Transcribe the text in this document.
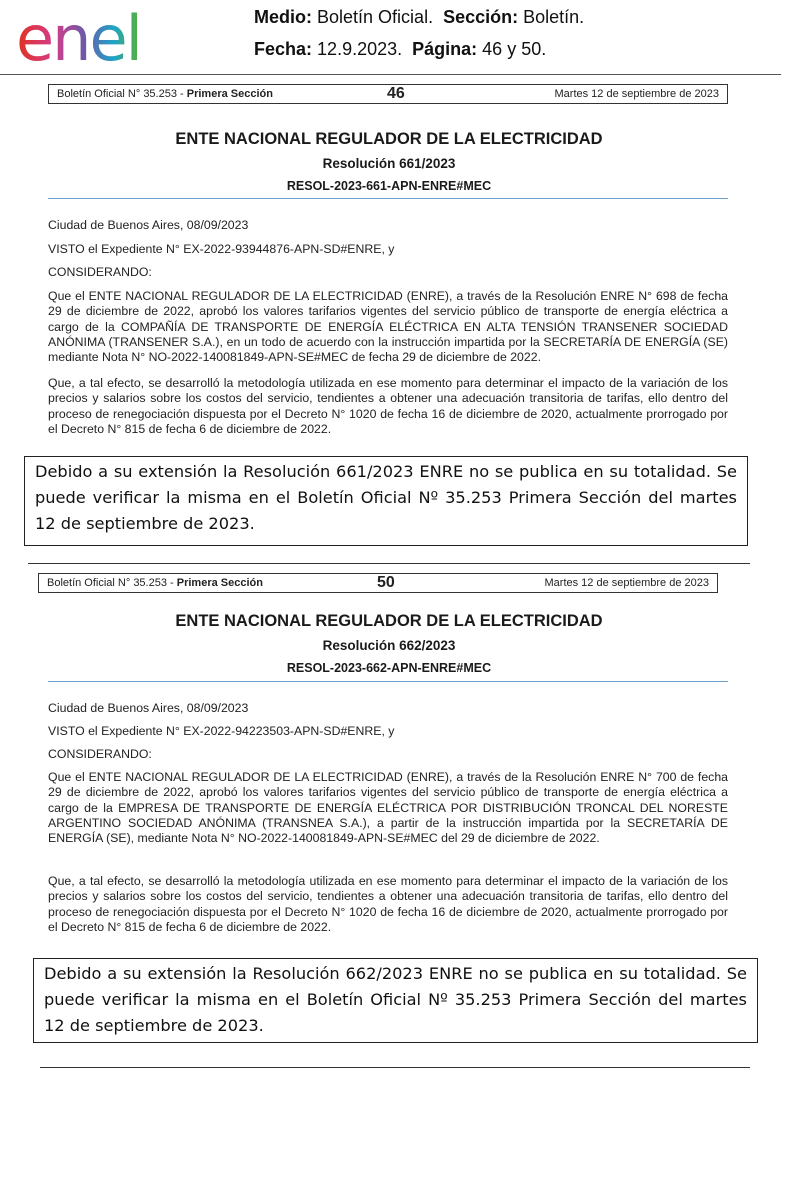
enel	Medio: Boletín Oficial. Sección: Boletín.
Fecha: 12.9.2023. Página: 46 y 50.
Boletín Oficial N° 35.253 - Primera Sección	46	Martes 12 de septiembre de 2023
ENTE NACIONAL REGULADOR DE LA ELECTRICIDAD
Resolución 661/2023
RESOL-2023-661-APN-ENRE#MEC
Ciudad de Buenos Aires, 08/09/2023
VISTO el Expediente N° EX-2022-93944876-APN-SD#ENRE, y
CONSIDERANDO:
Que el ENTE NACIONAL REGULADOR DE LA ELECTRICIDAD (ENRE), a través de la Resolución ENRE N° 698 de fecha 29 de diciembre de 2022, aprobó los valores tarifarios vigentes del servicio público de transporte de energía eléctrica a cargo de la COMPAÑÍA DE TRANSPORTE DE ENERGÍA ELÉCTRICA EN ALTA TENSIÓN TRANSENER SOCIEDAD ANÓNIMA (TRANSENER S.A.), en un todo de acuerdo con la instrucción impartida por la SECRETARÍA DE ENERGÍA (SE) mediante Nota N° NO-2022-140081849-APN-SE#MEC de fecha 29 de diciembre de 2022.
Que, a tal efecto, se desarrolló la metodología utilizada en ese momento para determinar el impacto de la variación de los precios y salarios sobre los costos del servicio, tendientes a obtener una adecuación transitoria de tarifas, ello dentro del proceso de renegociación dispuesta por el Decreto N° 1020 de fecha 16 de diciembre de 2020, actualmente prorrogado por el Decreto N° 815 de fecha 6 de diciembre de 2022.
Debido a su extensión la Resolución 661/2023 ENRE no se publica en su totalidad. Se puede verificar la misma en el Boletín Oficial Nº 35.253 Primera Sección del martes 12 de septiembre de 2023.
Boletín Oficial N° 35.253 - Primera Sección	50	Martes 12 de septiembre de 2023
ENTE NACIONAL REGULADOR DE LA ELECTRICIDAD
Resolución 662/2023
RESOL-2023-662-APN-ENRE#MEC
Ciudad de Buenos Aires, 08/09/2023
VISTO el Expediente N° EX-2022-94223503-APN-SD#ENRE, y
CONSIDERANDO:
Que el ENTE NACIONAL REGULADOR DE LA ELECTRICIDAD (ENRE), a través de la Resolución ENRE N° 700 de fecha 29 de diciembre de 2022, aprobó los valores tarifarios vigentes del servicio público de transporte de energía eléctrica a cargo de la EMPRESA DE TRANSPORTE DE ENERGÍA ELÉCTRICA POR DISTRIBUCIÓN TRONCAL DEL NORESTE ARGENTINO SOCIEDAD ANÓNIMA (TRANSNEA S.A.), a partir de la instrucción impartida por la SECRETARÍA DE ENERGÍA (SE), mediante Nota N° NO-2022-140081849-APN-SE#MEC del 29 de diciembre de 2022.
Que, a tal efecto, se desarrolló la metodología utilizada en ese momento para determinar el impacto de la variación de los precios y salarios sobre los costos del servicio, tendientes a obtener una adecuación transitoria de tarifas, ello dentro del proceso de renegociación dispuesta por el Decreto N° 1020 de fecha 16 de diciembre de 2020, actualmente prorrogado por el Decreto N° 815 de fecha 6 de diciembre de 2022.
Debido a su extensión la Resolución 662/2023 ENRE no se publica en su totalidad. Se puede verificar la misma en el Boletín Oficial Nº 35.253 Primera Sección del martes 12 de septiembre de 2023.
